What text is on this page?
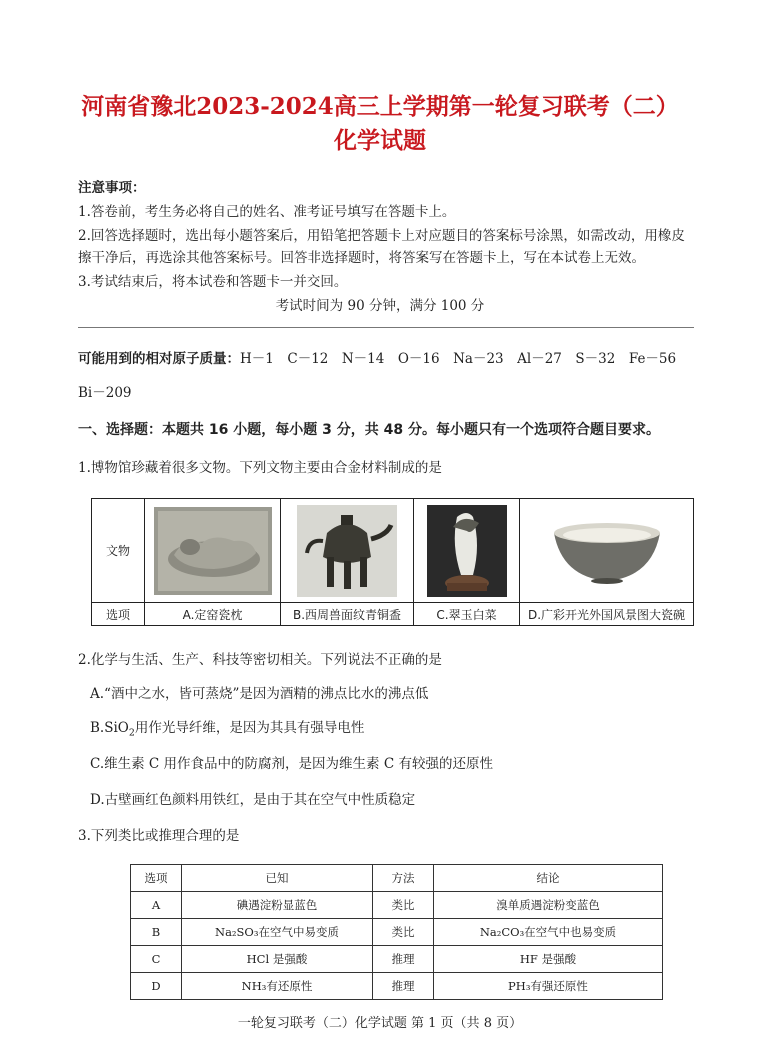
河南省豫北2023-2024高三上学期第一轮复习联考（二）
化学试题
注意事项：
1.答卷前，考生务必将自己的姓名、准考证号填写在答题卡上。
2.回答选择题时，选出每小题答案后，用铅笔把答题卡上对应题目的答案标号涂黑，如需改动，用橡皮
擦干净后，再选涂其他答案标号。回答非选择题时，将答案写在答题卡上，写在本试卷上无效。
3.考试结束后，将本试卷和答题卡一并交回。
考试时间为 90 分钟，满分 100 分
可能用到的相对原子质量：H－1　C－12　N－14　O－16　Na－23　Al－27　S－32　Fe－56
Bi－209
一、选择题：本题共 16 小题，每小题 3 分，共 48 分。每小题只有一个选项符合题目要求。
1.博物馆珍藏着很多文物。下列文物主要由合金材料制成的是
文物	

选项	A.定窑瓷枕	B.西周兽面纹青铜盉	C.翠玉白菜	D.广彩开光外国风景图大瓷碗
2.化学与生活、生产、科技等密切相关。下列说法不正确的是
A.“酒中之水，皆可蒸烧”是因为酒精的沸点比水的沸点低
B.SiO$_2$用作光导纤维，是因为其具有强导电性
C.维生素 C 用作食品中的防腐剂，是因为维生素 C 有较强的还原性
D.古壁画红色颜料用铁红，是由于其在空气中性质稳定
3.下列类比或推理合理的是
选项	已知	方法	结论
A	碘遇淀粉显蓝色	类比	溴单质遇淀粉变蓝色
B	Na₂SO₃在空气中易变质	类比	Na₂CO₃在空气中也易变质
C	HCl 是强酸	推理	HF 是强酸
D	NH₃有还原性	推理	PH₃有强还原性
一轮复习联考（二）化学试题 第 1 页（共 8 页）
